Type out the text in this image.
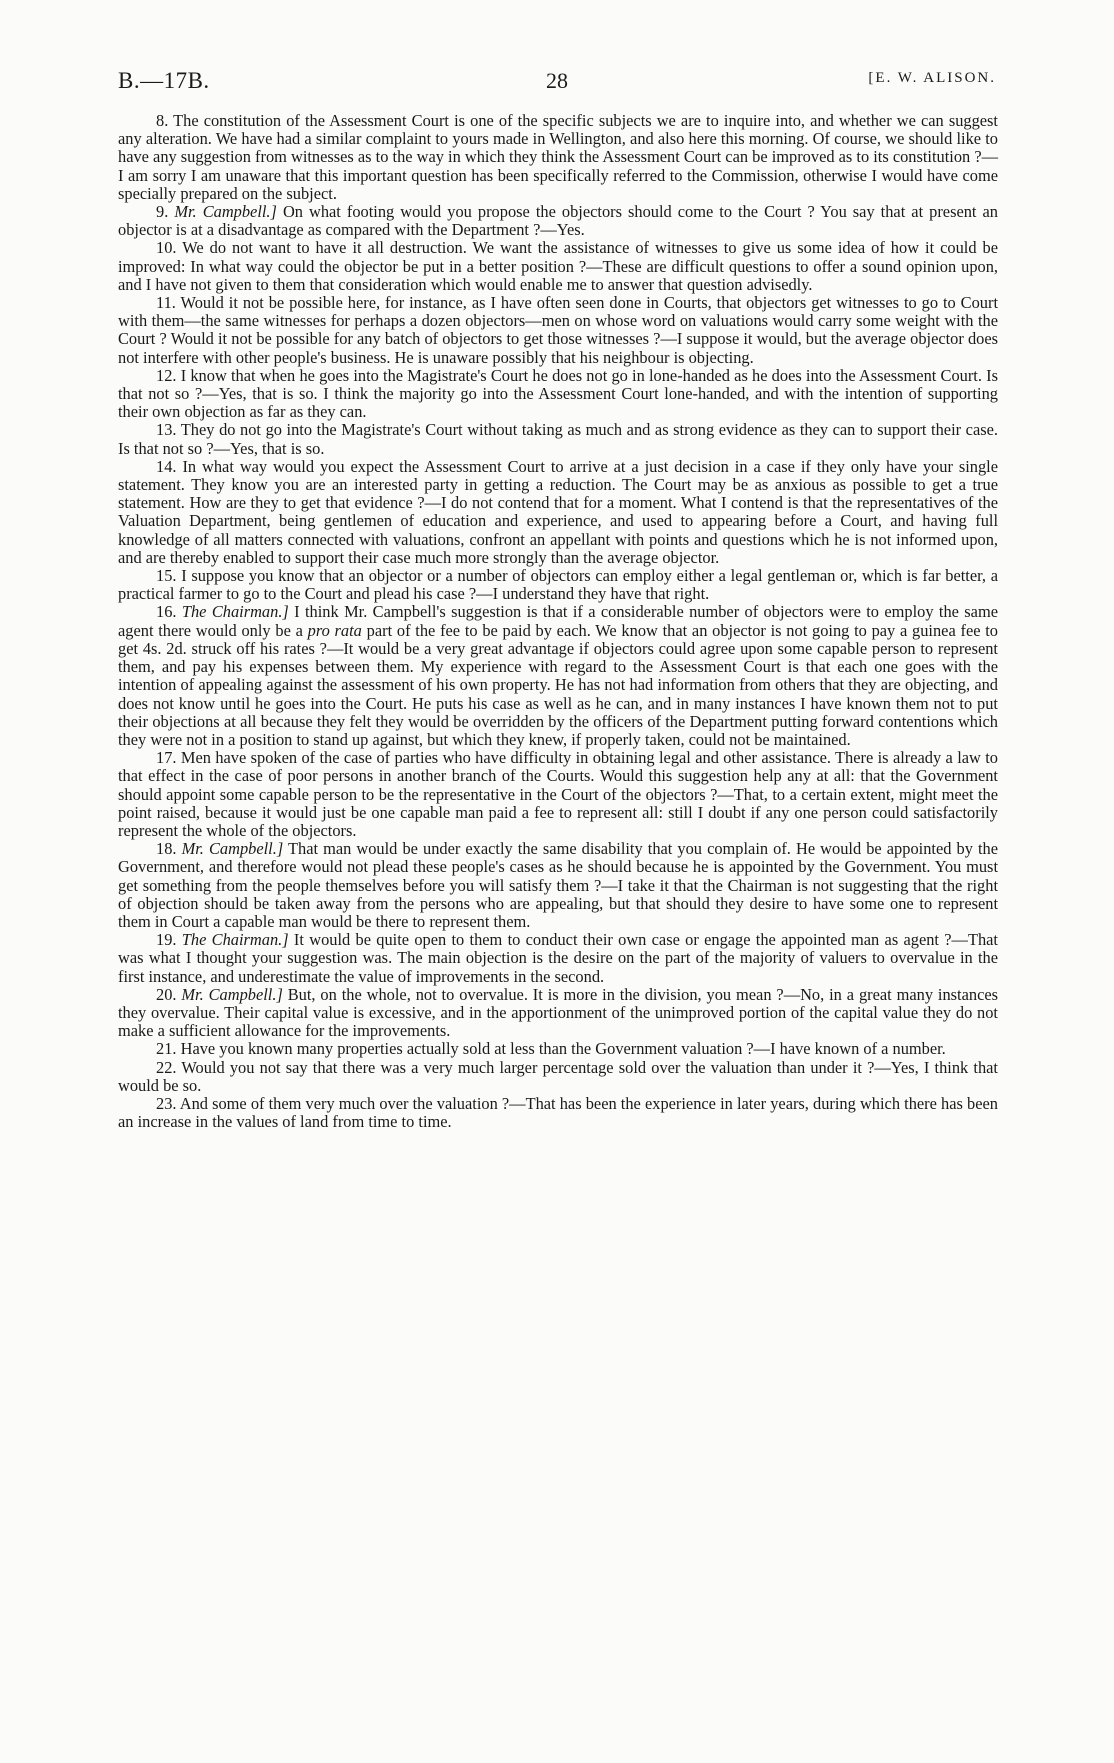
B.—17B.	28	[E. W. ALISON.

8. The constitution of the Assessment Court is one of the specific subjects we are to inquire into, and whether we can suggest any alteration. We have had a similar complaint to yours made in Wellington, and also here this morning. Of course, we should like to have any suggestion from witnesses as to the way in which they think the Assessment Court can be improved as to its constitution ?—I am sorry I am unaware that this important question has been specifically referred to the Commission, otherwise I would have come specially prepared on the subject.

9. Mr. Campbell.] On what footing would you propose the objectors should come to the Court ? You say that at present an objector is at a disadvantage as compared with the Department ?—Yes.

10. We do not want to have it all destruction. We want the assistance of witnesses to give us some idea of how it could be improved: In what way could the objector be put in a better position ?—These are difficult questions to offer a sound opinion upon, and I have not given to them that consideration which would enable me to answer that question advisedly.

11. Would it not be possible here, for instance, as I have often seen done in Courts, that objectors get witnesses to go to Court with them—the same witnesses for perhaps a dozen objectors—men on whose word on valuations would carry some weight with the Court ? Would it not be possible for any batch of objectors to get those witnesses ?—I suppose it would, but the average objector does not interfere with other people's business. He is unaware possibly that his neighbour is objecting.

12. I know that when he goes into the Magistrate's Court he does not go in lone-handed as he does into the Assessment Court. Is that not so ?—Yes, that is so. I think the majority go into the Assessment Court lone-handed, and with the intention of supporting their own objection as far as they can.

13. They do not go into the Magistrate's Court without taking as much and as strong evidence as they can to support their case. Is that not so ?—Yes, that is so.

14. In what way would you expect the Assessment Court to arrive at a just decision in a case if they only have your single statement. They know you are an interested party in getting a reduction. The Court may be as anxious as possible to get a true statement. How are they to get that evidence ?—I do not contend that for a moment. What I contend is that the representatives of the Valuation Department, being gentlemen of education and experience, and used to appearing before a Court, and having full knowledge of all matters connected with valuations, confront an appellant with points and questions which he is not informed upon, and are thereby enabled to support their case much more strongly than the average objector.

15. I suppose you know that an objector or a number of objectors can employ either a legal gentleman or, which is far better, a practical farmer to go to the Court and plead his case ?—I understand they have that right.

16. The Chairman.] I think Mr. Campbell's suggestion is that if a considerable number of objectors were to employ the same agent there would only be a pro rata part of the fee to be paid by each. We know that an objector is not going to pay a guinea fee to get 4s. 2d. struck off his rates ?—It would be a very great advantage if objectors could agree upon some capable person to represent them, and pay his expenses between them. My experience with regard to the Assessment Court is that each one goes with the intention of appealing against the assessment of his own property. He has not had information from others that they are objecting, and does not know until he goes into the Court. He puts his case as well as he can, and in many instances I have known them not to put their objections at all because they felt they would be overridden by the officers of the Department putting forward contentions which they were not in a position to stand up against, but which they knew, if properly taken, could not be maintained.

17. Men have spoken of the case of parties who have difficulty in obtaining legal and other assistance. There is already a law to that effect in the case of poor persons in another branch of the Courts. Would this suggestion help any at all: that the Government should appoint some capable person to be the representative in the Court of the objectors ?—That, to a certain extent, might meet the point raised, because it would just be one capable man paid a fee to represent all: still I doubt if any one person could satisfactorily represent the whole of the objectors.

18. Mr. Campbell.] That man would be under exactly the same disability that you complain of. He would be appointed by the Government, and therefore would not plead these people's cases as he should because he is appointed by the Government. You must get something from the people themselves before you will satisfy them ?—I take it that the Chairman is not suggesting that the right of objection should be taken away from the persons who are appealing, but that should they desire to have some one to represent them in Court a capable man would be there to represent them.

19. The Chairman.] It would be quite open to them to conduct their own case or engage the appointed man as agent ?—That was what I thought your suggestion was. The main objection is the desire on the part of the majority of valuers to overvalue in the first instance, and underestimate the value of improvements in the second.

20. Mr. Campbell.] But, on the whole, not to overvalue. It is more in the division, you mean ?—No, in a great many instances they overvalue. Their capital value is excessive, and in the apportionment of the unimproved portion of the capital value they do not make a sufficient allowance for the improvements.

21. Have you known many properties actually sold at less than the Government valuation ?—I have known of a number.

22. Would you not say that there was a very much larger percentage sold over the valuation than under it ?—Yes, I think that would be so.

23. And some of them very much over the valuation ?—That has been the experience in later years, during which there has been an increase in the values of land from time to time.
